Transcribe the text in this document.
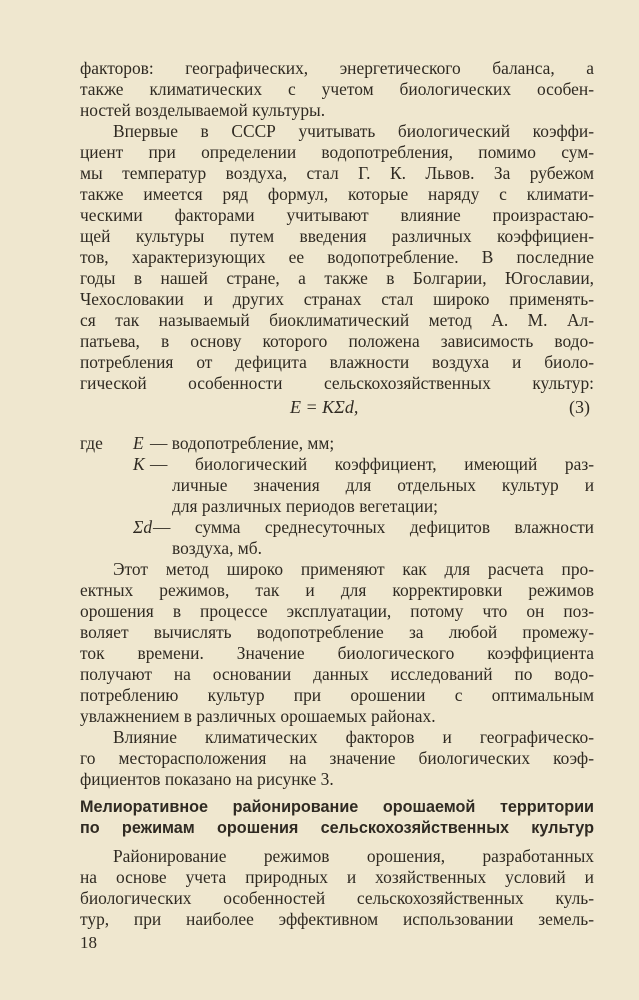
факторов: географических, энергетического баланса, а
также климатических с учетом биологических особен-
ностей возделываемой культуры.
Впервые в СССР учитывать биологический коэффи-
циент при определении водопотребления, помимо сум-
мы температур воздуха, стал Г. К. Львов. За рубежом
также имеется ряд формул, которые наряду с климати-
ческими факторами учитывают влияние произрастаю-
щей культуры путем введения различных коэффициен-
тов, характеризующих ее водопотребление. В последние
годы в нашей стране, а также в Болгарии, Югославии,
Чехословакии и других странах стал широко применять-
ся так называемый биоклиматический метод А. М. Ал-
патьева, в основу которого положена зависимость водо-
потребления от дефицита влажности воздуха и биоло-
гической особенности сельскохозяйственных культур:
E = KΣd,	(3)
где E — водопотребление, мм;
K — биологический коэффициент, имеющий раз-
личные значения для отдельных культур и
для различных периодов вегетации;
Σd — сумма среднесуточных дефицитов влажности
воздуха, мб.
Этот метод широко применяют как для расчета про-
ектных режимов, так и для корректировки режимов
орошения в процессе эксплуатации, потому что он поз-
воляет вычислять водопотребление за любой промежу-
ток времени. Значение биологического коэффициента
получают на основании данных исследований по водо-
потреблению культур при орошении с оптимальным
увлажнением в различных орошаемых районах.
Влияние климатических факторов и географическо-
го месторасположения на значение биологических коэф-
фициентов показано на рисунке 3.
Мелиоративное районирование орошаемой территории
по режимам орошения сельскохозяйственных культур
Районирование режимов орошения, разработанных
на основе учета природных и хозяйственных условий и
биологических особенностей сельскохозяйственных куль-
тур, при наиболее эффективном использовании земель-
18
